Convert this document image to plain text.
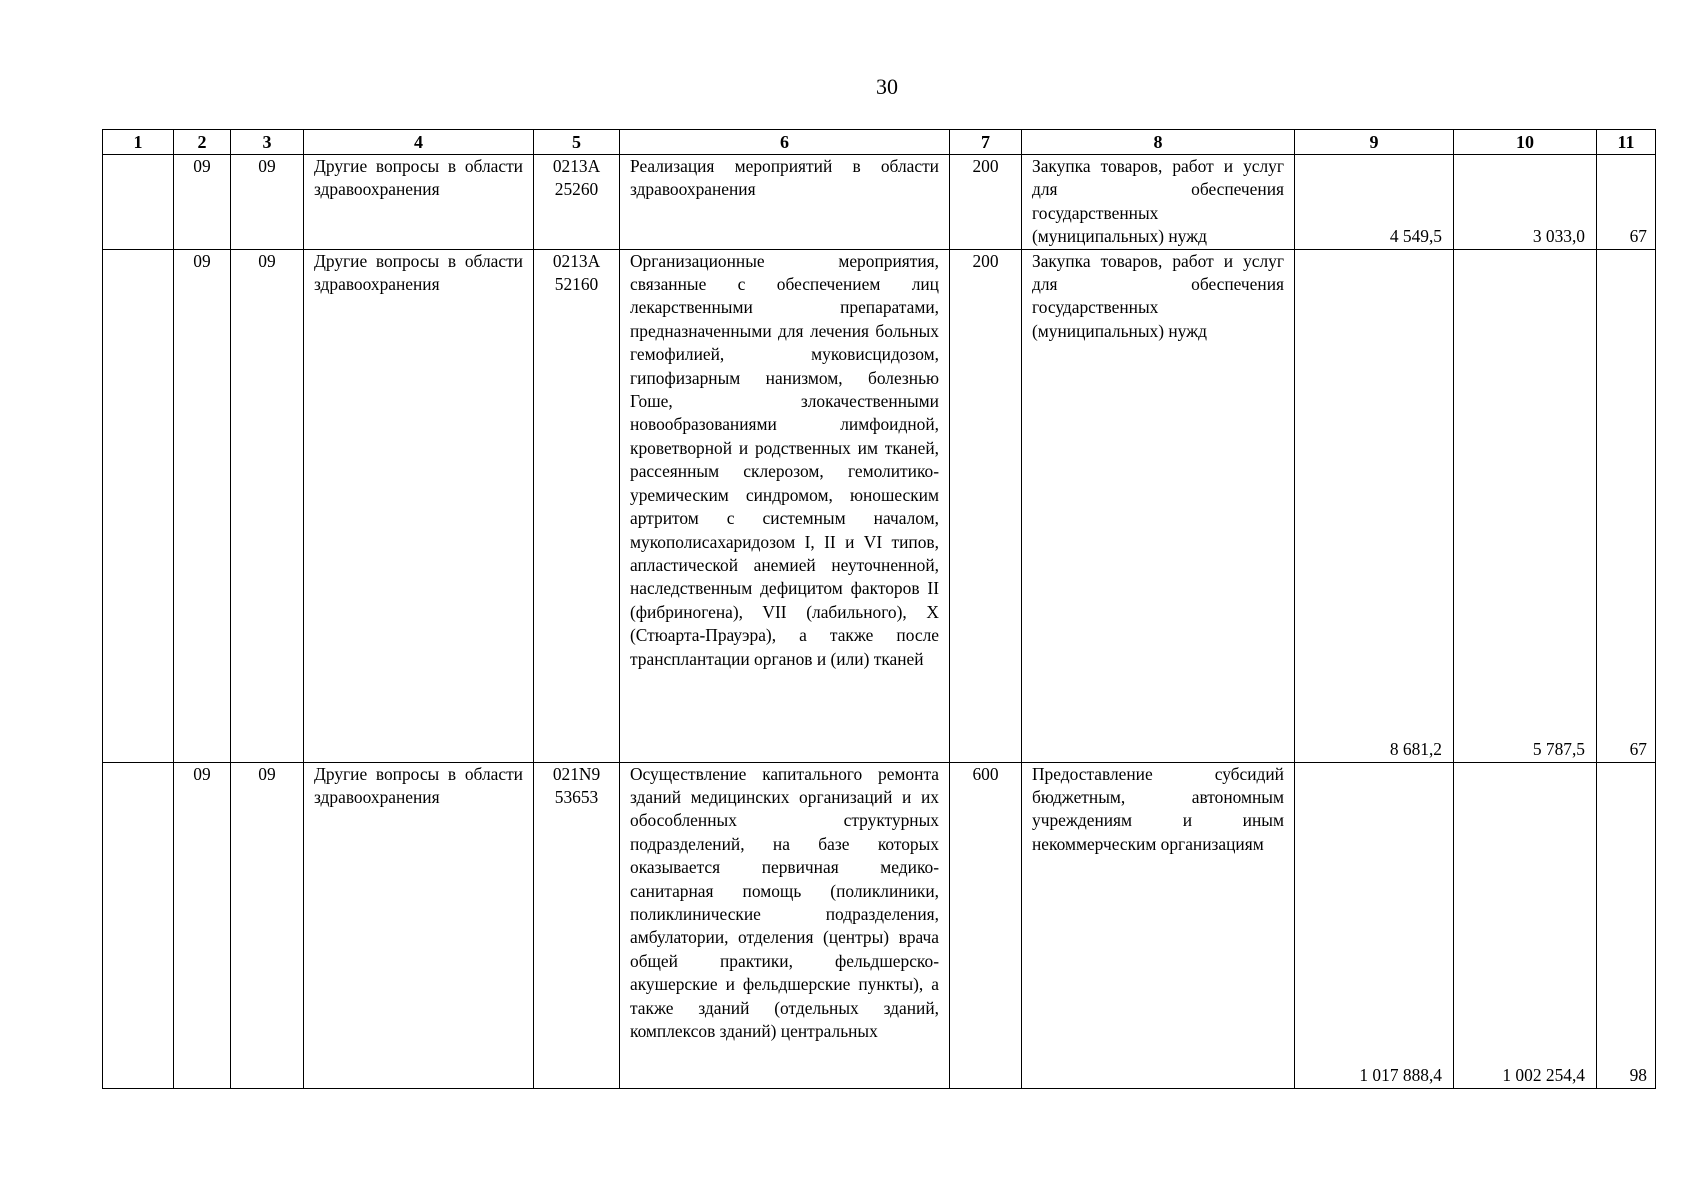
30
1	2	3	4	5	6	7	8	9	10	11
	09	09	Другие вопросы в области здравоохранения	0213А 25260	Реализация мероприятий в области здравоохранения	200	Закупка товаров, работ и услуг для обеспечения государственных (муниципальных) нужд	4 549,5	3 033,0	67
	09	09	Другие вопросы в области здравоохранения	0213А 52160	Организационные мероприятия, связанные с обеспечением лиц лекарственными препаратами, предназначенными для лечения больных гемофилией, муковисцидозом, гипофизарным нанизмом, болезнью Гоше, злокачественными новообразованиями лимфоидной, кроветворной и родственных им тканей, рассеянным склерозом, гемолитико-уремическим синдромом, юношеским артритом с системным началом, мукополисахаридозом I, II и VI типов, апластической анемией неуточненной, наследственным дефицитом факторов II (фибриногена), VII (лабильного), X (Стюарта-Прауэра), а также после трансплантации органов и (или) тканей	200	Закупка товаров, работ и услуг для обеспечения государственных (муниципальных) нужд	8 681,2	5 787,5	67
	09	09	Другие вопросы в области здравоохранения	021N9 53653	Осуществление капитального ремонта зданий медицинских организаций и их обособленных структурных подразделений, на базе которых оказывается первичная медико-санитарная помощь (поликлиники, поликлинические подразделения, амбулатории, отделения (центры) врача общей практики, фельдшерско-акушерские и фельдшерские пункты), а также зданий (отдельных зданий, комплексов зданий) центральных	600	Предоставление субсидий бюджетным, автономным учреждениям и иным некоммерческим организациям	1 017 888,4	1 002 254,4	98
